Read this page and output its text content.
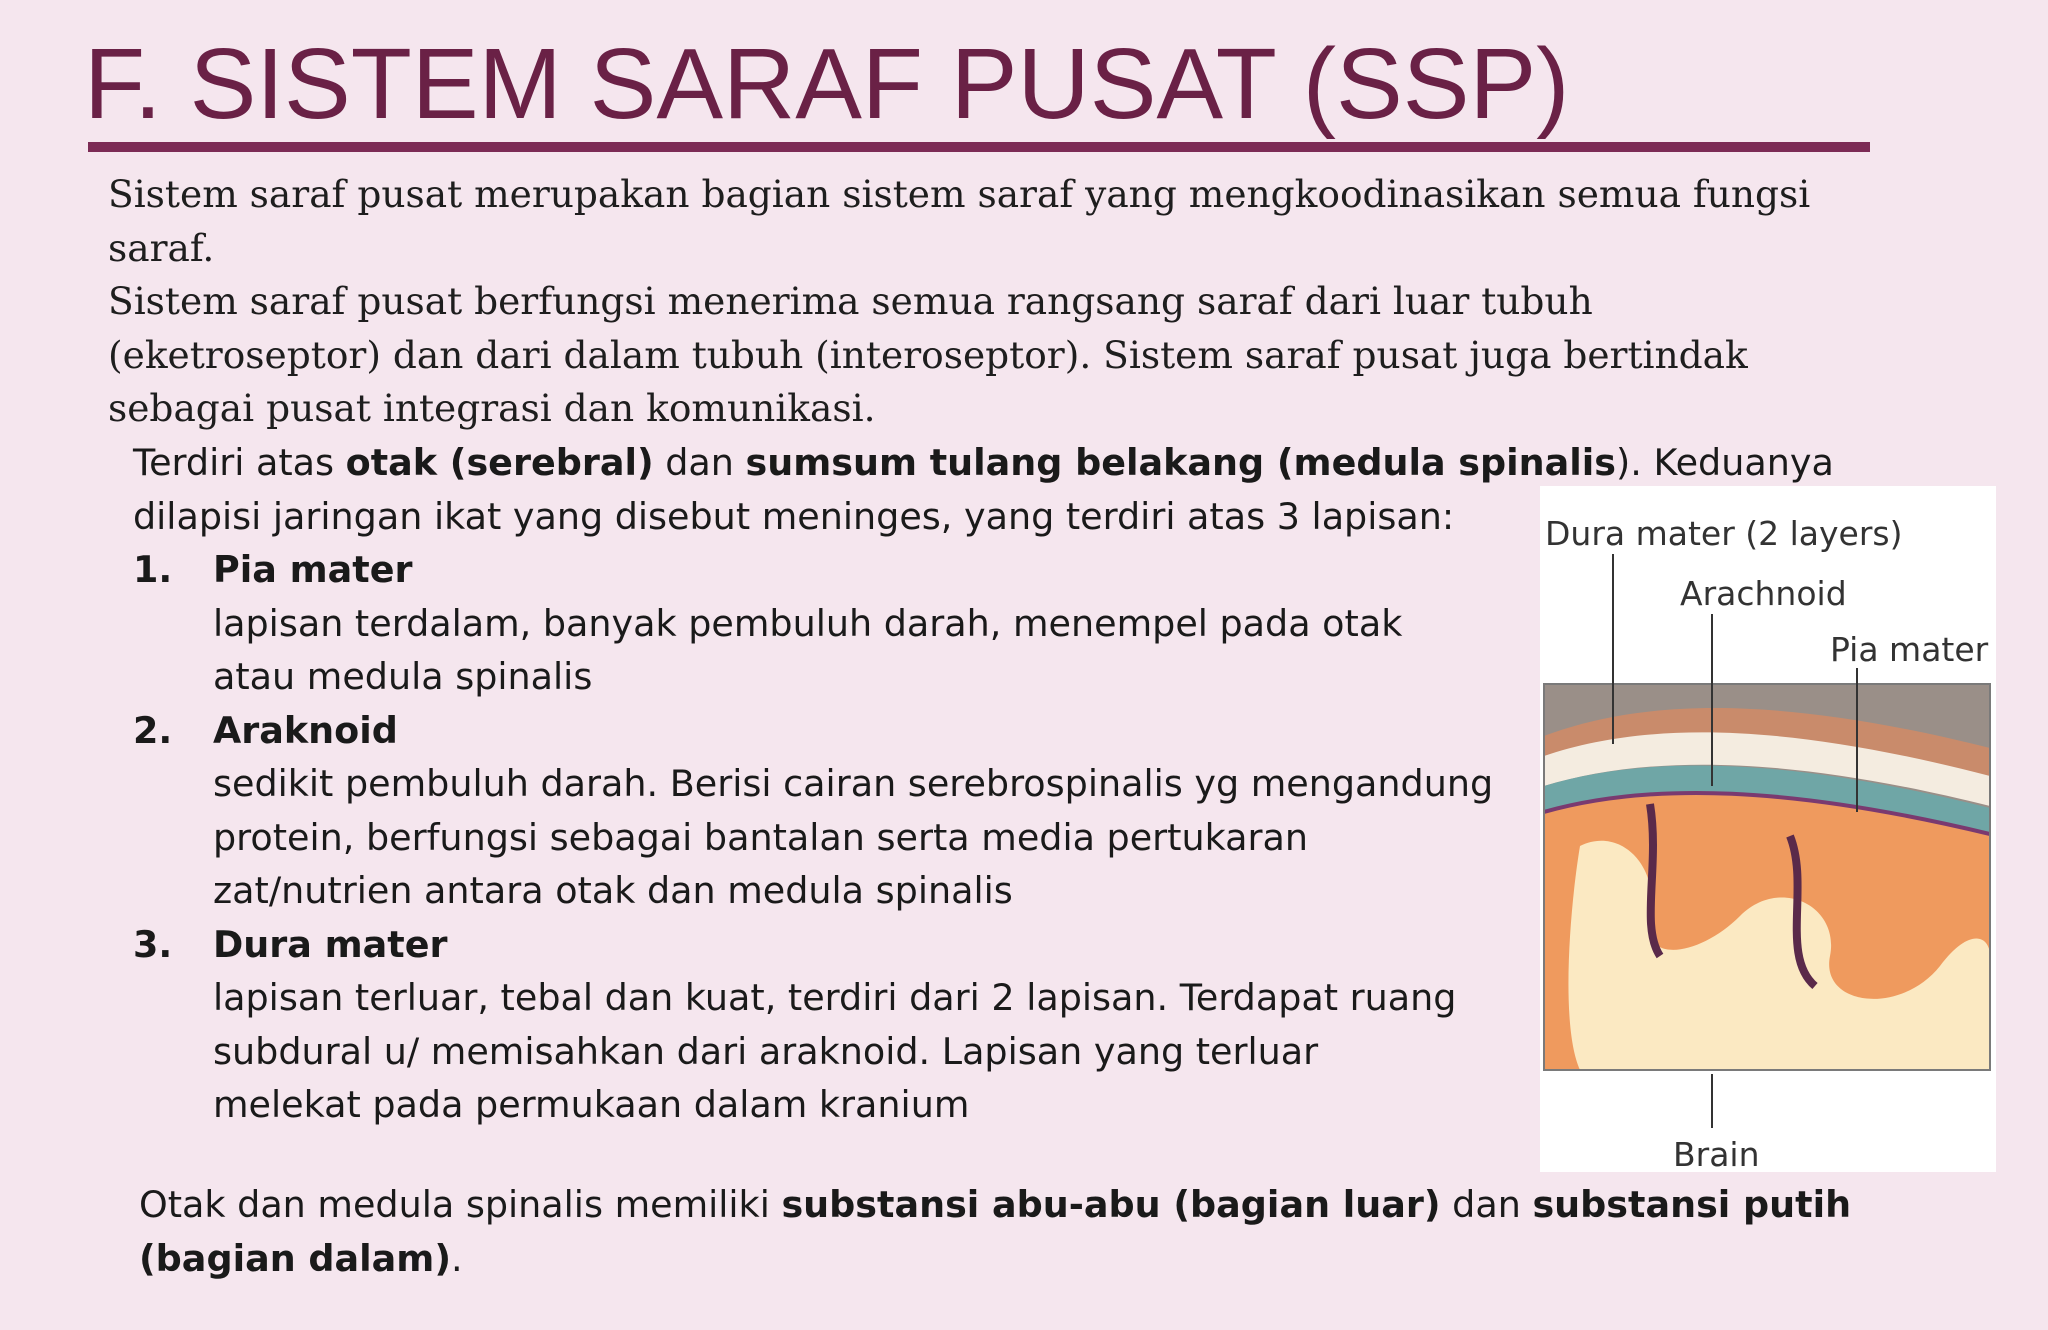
F. SISTEM SARAF PUSAT (SSP)

Sistem saraf pusat merupakan bagian sistem saraf yang mengkoodinasikan semua fungsi saraf.

Sistem saraf pusat berfungsi menerima semua rangsang saraf dari luar tubuh (eketroseptor) dan dari dalam tubuh (interoseptor). Sistem saraf pusat juga bertindak sebagai pusat integrasi dan komunikasi.

Terdiri atas otak (serebral) dan sumsum tulang belakang (medula spinalis). Keduanya dilapisi jaringan ikat yang disebut meninges, yang terdiri atas 3 lapisan:

1. Pia mater
lapisan terdalam, banyak pembuluh darah, menempel pada otak atau medula spinalis
2. Araknoid
sedikit pembuluh darah. Berisi cairan serebrospinalis yg mengandung protein, berfungsi sebagai bantalan serta media pertukaran zat/nutrien antara otak dan medula spinalis
3. Dura mater
lapisan terluar, tebal dan kuat, terdiri dari 2 lapisan. Terdapat ruang subdural u/ memisahkan dari araknoid. Lapisan yang terluar melekat pada permukaan dalam kranium

Otak dan medula spinalis memiliki substansi abu-abu (bagian luar) dan substansi putih (bagian dalam).

Dura mater (2 layers)
Arachnoid
Pia mater
Brain
